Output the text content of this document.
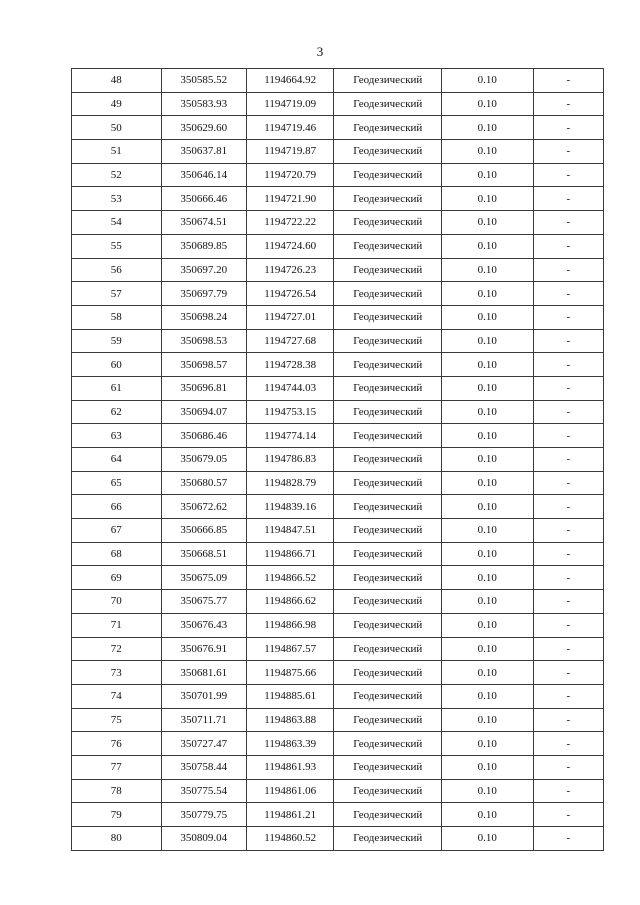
3
48	350585.52	1194664.92	Геодезический	0.10	-
49	350583.93	1194719.09	Геодезический	0.10	-
50	350629.60	1194719.46	Геодезический	0.10	-
51	350637.81	1194719.87	Геодезический	0.10	-
52	350646.14	1194720.79	Геодезический	0.10	-
53	350666.46	1194721.90	Геодезический	0.10	-
54	350674.51	1194722.22	Геодезический	0.10	-
55	350689.85	1194724.60	Геодезический	0.10	-
56	350697.20	1194726.23	Геодезический	0.10	-
57	350697.79	1194726.54	Геодезический	0.10	-
58	350698.24	1194727.01	Геодезический	0.10	-
59	350698.53	1194727.68	Геодезический	0.10	-
60	350698.57	1194728.38	Геодезический	0.10	-
61	350696.81	1194744.03	Геодезический	0.10	-
62	350694.07	1194753.15	Геодезический	0.10	-
63	350686.46	1194774.14	Геодезический	0.10	-
64	350679.05	1194786.83	Геодезический	0.10	-
65	350680.57	1194828.79	Геодезический	0.10	-
66	350672.62	1194839.16	Геодезический	0.10	-
67	350666.85	1194847.51	Геодезический	0.10	-
68	350668.51	1194866.71	Геодезический	0.10	-
69	350675.09	1194866.52	Геодезический	0.10	-
70	350675.77	1194866.62	Геодезический	0.10	-
71	350676.43	1194866.98	Геодезический	0.10	-
72	350676.91	1194867.57	Геодезический	0.10	-
73	350681.61	1194875.66	Геодезический	0.10	-
74	350701.99	1194885.61	Геодезический	0.10	-
75	350711.71	1194863.88	Геодезический	0.10	-
76	350727.47	1194863.39	Геодезический	0.10	-
77	350758.44	1194861.93	Геодезический	0.10	-
78	350775.54	1194861.06	Геодезический	0.10	-
79	350779.75	1194861.21	Геодезический	0.10	-
80	350809.04	1194860.52	Геодезический	0.10	-
